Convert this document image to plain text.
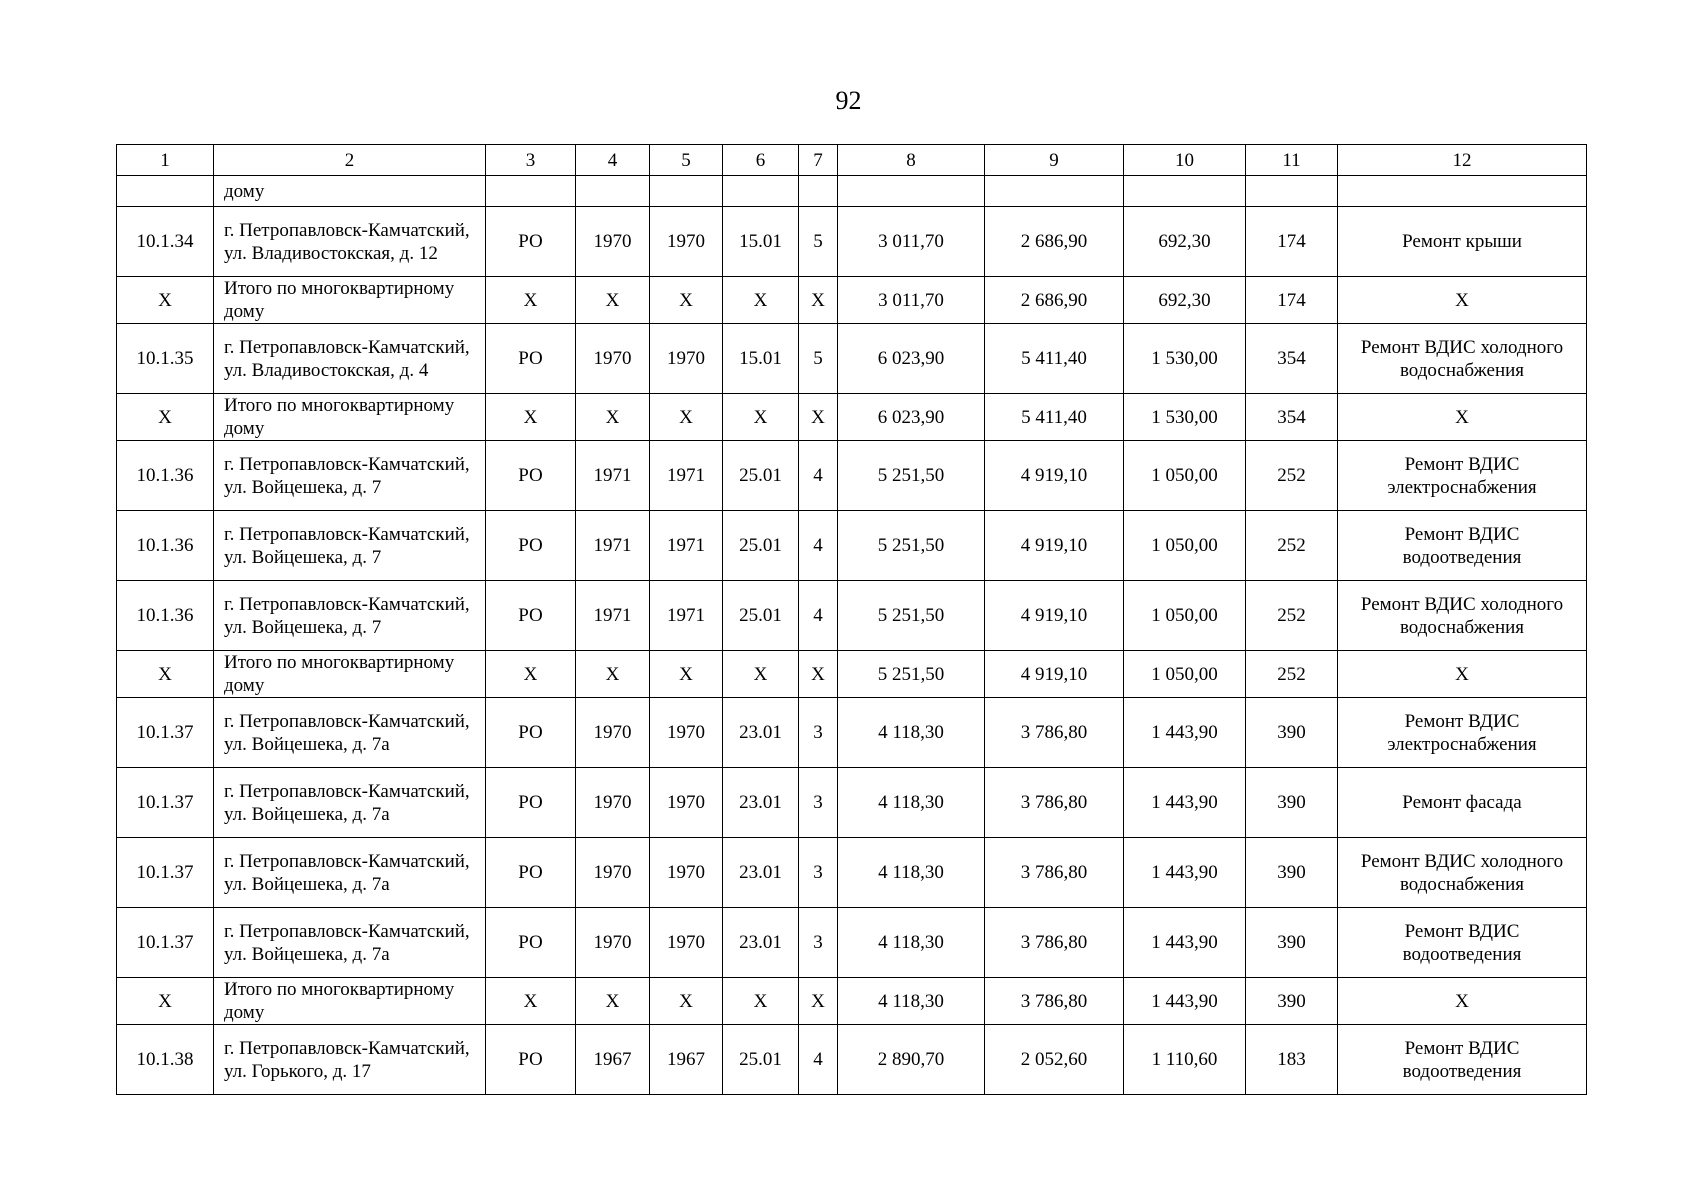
92
1	2	3	4	5	6	7	8	9	10	11	12
	дому										
10.1.34	г. Петропавловск-Камчатский, ул. Владивостокская, д. 12	РО	1970	1970	15.01	5	3 011,70	2 686,90	692,30	174	Ремонт крыши
Х	Итого по многоквартирному дому	Х	Х	Х	Х	Х	3 011,70	2 686,90	692,30	174	Х
10.1.35	г. Петропавловск-Камчатский, ул. Владивостокская, д. 4	РО	1970	1970	15.01	5	6 023,90	5 411,40	1 530,00	354	Ремонт ВДИС холодного водоснабжения
Х	Итого по многоквартирному дому	Х	Х	Х	Х	Х	6 023,90	5 411,40	1 530,00	354	Х
10.1.36	г. Петропавловск-Камчатский, ул. Войцешека, д. 7	РО	1971	1971	25.01	4	5 251,50	4 919,10	1 050,00	252	Ремонт ВДИС электроснабжения
10.1.36	г. Петропавловск-Камчатский, ул. Войцешека, д. 7	РО	1971	1971	25.01	4	5 251,50	4 919,10	1 050,00	252	Ремонт ВДИС водоотведения
10.1.36	г. Петропавловск-Камчатский, ул. Войцешека, д. 7	РО	1971	1971	25.01	4	5 251,50	4 919,10	1 050,00	252	Ремонт ВДИС холодного водоснабжения
Х	Итого по многоквартирному дому	Х	Х	Х	Х	Х	5 251,50	4 919,10	1 050,00	252	Х
10.1.37	г. Петропавловск-Камчатский, ул. Войцешека, д. 7а	РО	1970	1970	23.01	3	4 118,30	3 786,80	1 443,90	390	Ремонт ВДИС электроснабжения
10.1.37	г. Петропавловск-Камчатский, ул. Войцешека, д. 7а	РО	1970	1970	23.01	3	4 118,30	3 786,80	1 443,90	390	Ремонт фасада
10.1.37	г. Петропавловск-Камчатский, ул. Войцешека, д. 7а	РО	1970	1970	23.01	3	4 118,30	3 786,80	1 443,90	390	Ремонт ВДИС холодного водоснабжения
10.1.37	г. Петропавловск-Камчатский, ул. Войцешека, д. 7а	РО	1970	1970	23.01	3	4 118,30	3 786,80	1 443,90	390	Ремонт ВДИС водоотведения
Х	Итого по многоквартирному дому	Х	Х	Х	Х	Х	4 118,30	3 786,80	1 443,90	390	Х
10.1.38	г. Петропавловск-Камчатский, ул. Горького, д. 17	РО	1967	1967	25.01	4	2 890,70	2 052,60	1 110,60	183	Ремонт ВДИС водоотведения
